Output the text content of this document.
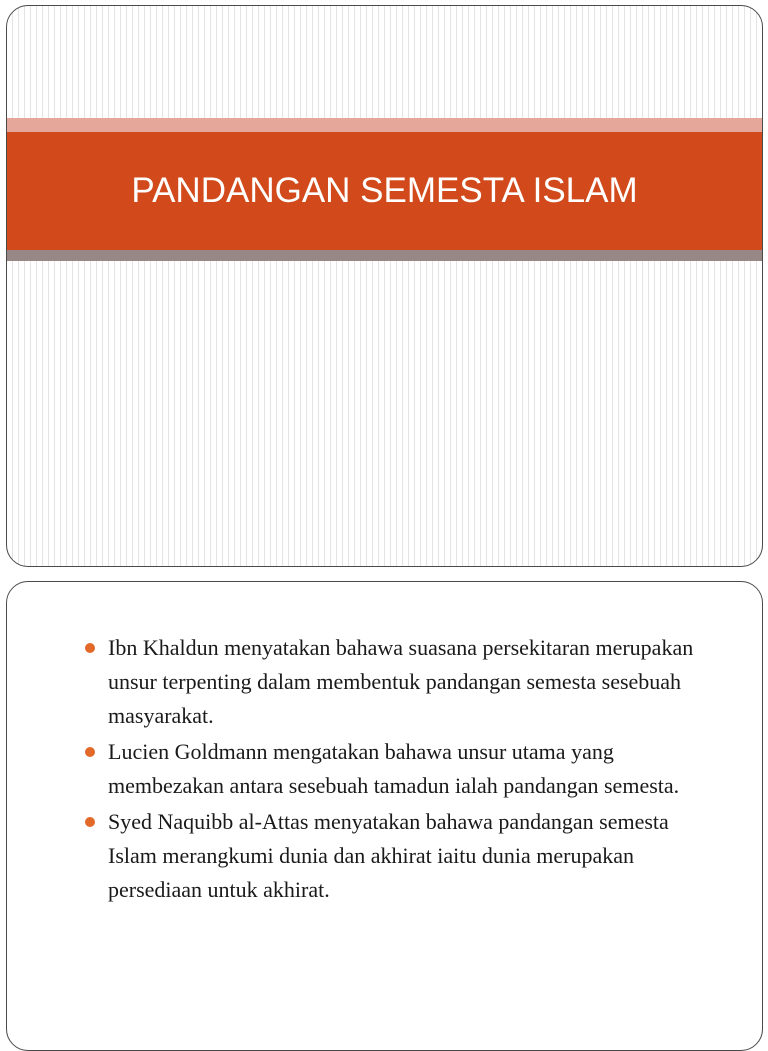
PANDANGAN SEMESTA ISLAM
Ibn Khaldun menyatakan bahawa suasana persekitaran merupakan unsur terpenting dalam membentuk pandangan semesta sesebuah masyarakat.
Lucien Goldmann mengatakan bahawa unsur utama yang membezakan antara sesebuah tamadun ialah pandangan semesta.
Syed Naquibb al-Attas menyatakan bahawa pandangan semesta Islam merangkumi dunia dan akhirat iaitu dunia merupakan persediaan untuk akhirat.
